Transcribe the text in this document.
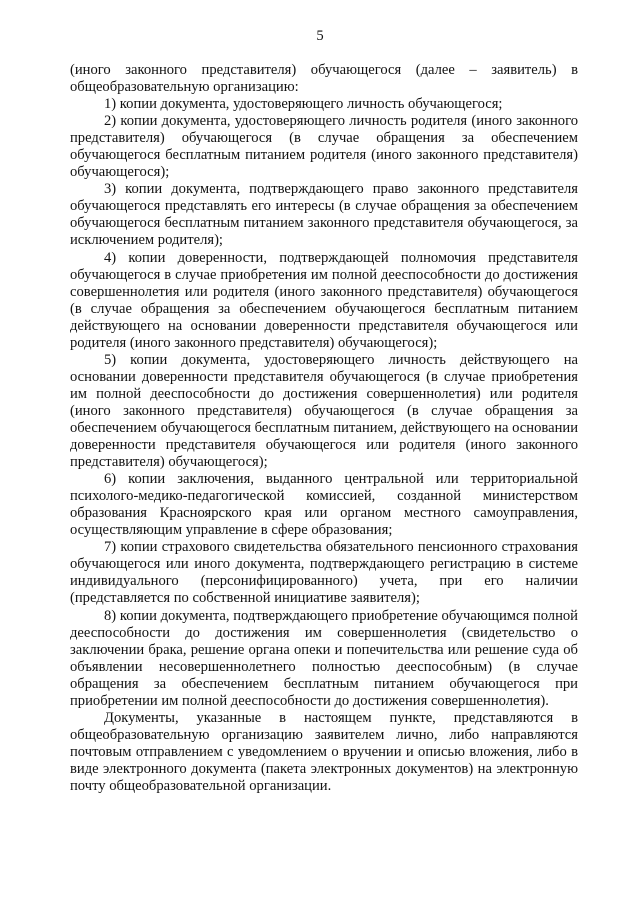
5

(иного законного представителя) обучающегося (далее – заявитель) в общеобразовательную организацию:

1) копии документа, удостоверяющего личность обучающегося;

2) копии документа, удостоверяющего личность родителя (иного законного представителя) обучающегося (в случае обращения за обеспечением обучающегося бесплатным питанием родителя (иного законного представителя) обучающегося);

3) копии документа, подтверждающего право законного представителя обучающегося представлять его интересы (в случае обращения за обеспечением обучающегося бесплатным питанием законного представителя обучающегося, за исключением родителя);

4) копии доверенности, подтверждающей полномочия представителя обучающегося в случае приобретения им полной дееспособности до достижения совершеннолетия или родителя (иного законного представителя) обучающегося (в случае обращения за обеспечением обучающегося бесплатным питанием действующего на основании доверенности представителя обучающегося или родителя (иного законного представителя) обучающегося);

5) копии документа, удостоверяющего личность действующего на основании доверенности представителя обучающегося (в случае приобретения им полной дееспособности до достижения совершеннолетия) или родителя (иного законного представителя) обучающегося (в случае обращения за обеспечением обучающегося бесплатным питанием, действующего на основании доверенности представителя обучающегося или родителя (иного законного представителя) обучающегося);

6) копии заключения, выданного центральной или территориальной психолого-медико-педагогической комиссией, созданной министерством образования Красноярского края или органом местного самоуправления, осуществляющим управление в сфере образования;

7) копии страхового свидетельства обязательного пенсионного страхования обучающегося или иного документа, подтверждающего регистрацию в системе индивидуального (персонифицированного) учета, при его наличии (представляется по собственной инициативе заявителя);

8) копии документа, подтверждающего приобретение обучающимся полной дееспособности до достижения им совершеннолетия (свидетельство о заключении брака, решение органа опеки и попечительства или решение суда об объявлении несовершеннолетнего полностью дееспособным) (в случае обращения за обеспечением бесплатным питанием обучающегося при приобретении им полной дееспособности до достижения совершеннолетия).

Документы, указанные в настоящем пункте, представляются в общеобразовательную организацию заявителем лично, либо направляются почтовым отправлением с уведомлением о вручении и описью вложения, либо в виде электронного документа (пакета электронных документов) на электронную почту общеобразовательной организации.
